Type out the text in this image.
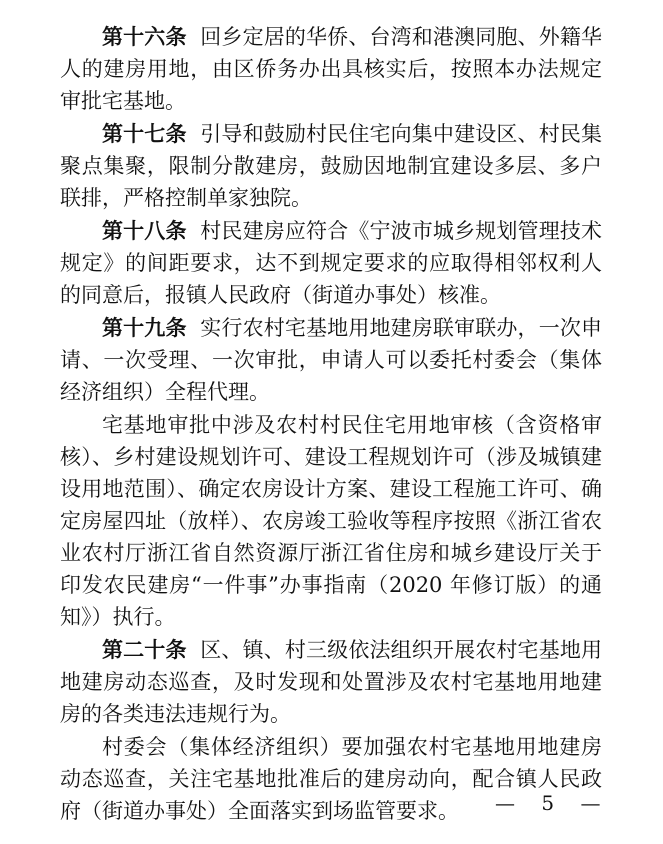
第十六条 回乡定居的华侨、台湾和港澳同胞、外籍华人的建房用地，由区侨务办出具核实后，按照本办法规定审批宅基地。

第十七条 引导和鼓励村民住宅向集中建设区、村民集聚点集聚，限制分散建房，鼓励因地制宜建设多层、多户联排，严格控制单家独院。

第十八条 村民建房应符合《宁波市城乡规划管理技术规定》的间距要求，达不到规定要求的应取得相邻权利人的同意后，报镇人民政府（街道办事处）核准。

第十九条 实行农村宅基地用地建房联审联办，一次申请、一次受理、一次审批，申请人可以委托村委会（集体经济组织）全程代理。

宅基地审批中涉及农村村民住宅用地审核（含资格审核）、乡村建设规划许可、建设工程规划许可（涉及城镇建设用地范围）、确定农房设计方案、建设工程施工许可、确定房屋四址（放样）、农房竣工验收等程序按照《浙江省农业农村厅浙江省自然资源厅浙江省住房和城乡建设厅关于印发农民建房“一件事”办事指南（2020 年修订版）的通知》）执行。

第二十条 区、镇、村三级依法组织开展农村宅基地用地建房动态巡查，及时发现和处置涉及农村宅基地用地建房的各类违法违规行为。

村委会（集体经济组织）要加强农村宅基地用地建房动态巡查，关注宅基地批准后的建房动向，配合镇人民政府（街道办事处）全面落实到场监管要求。	— 5 —
